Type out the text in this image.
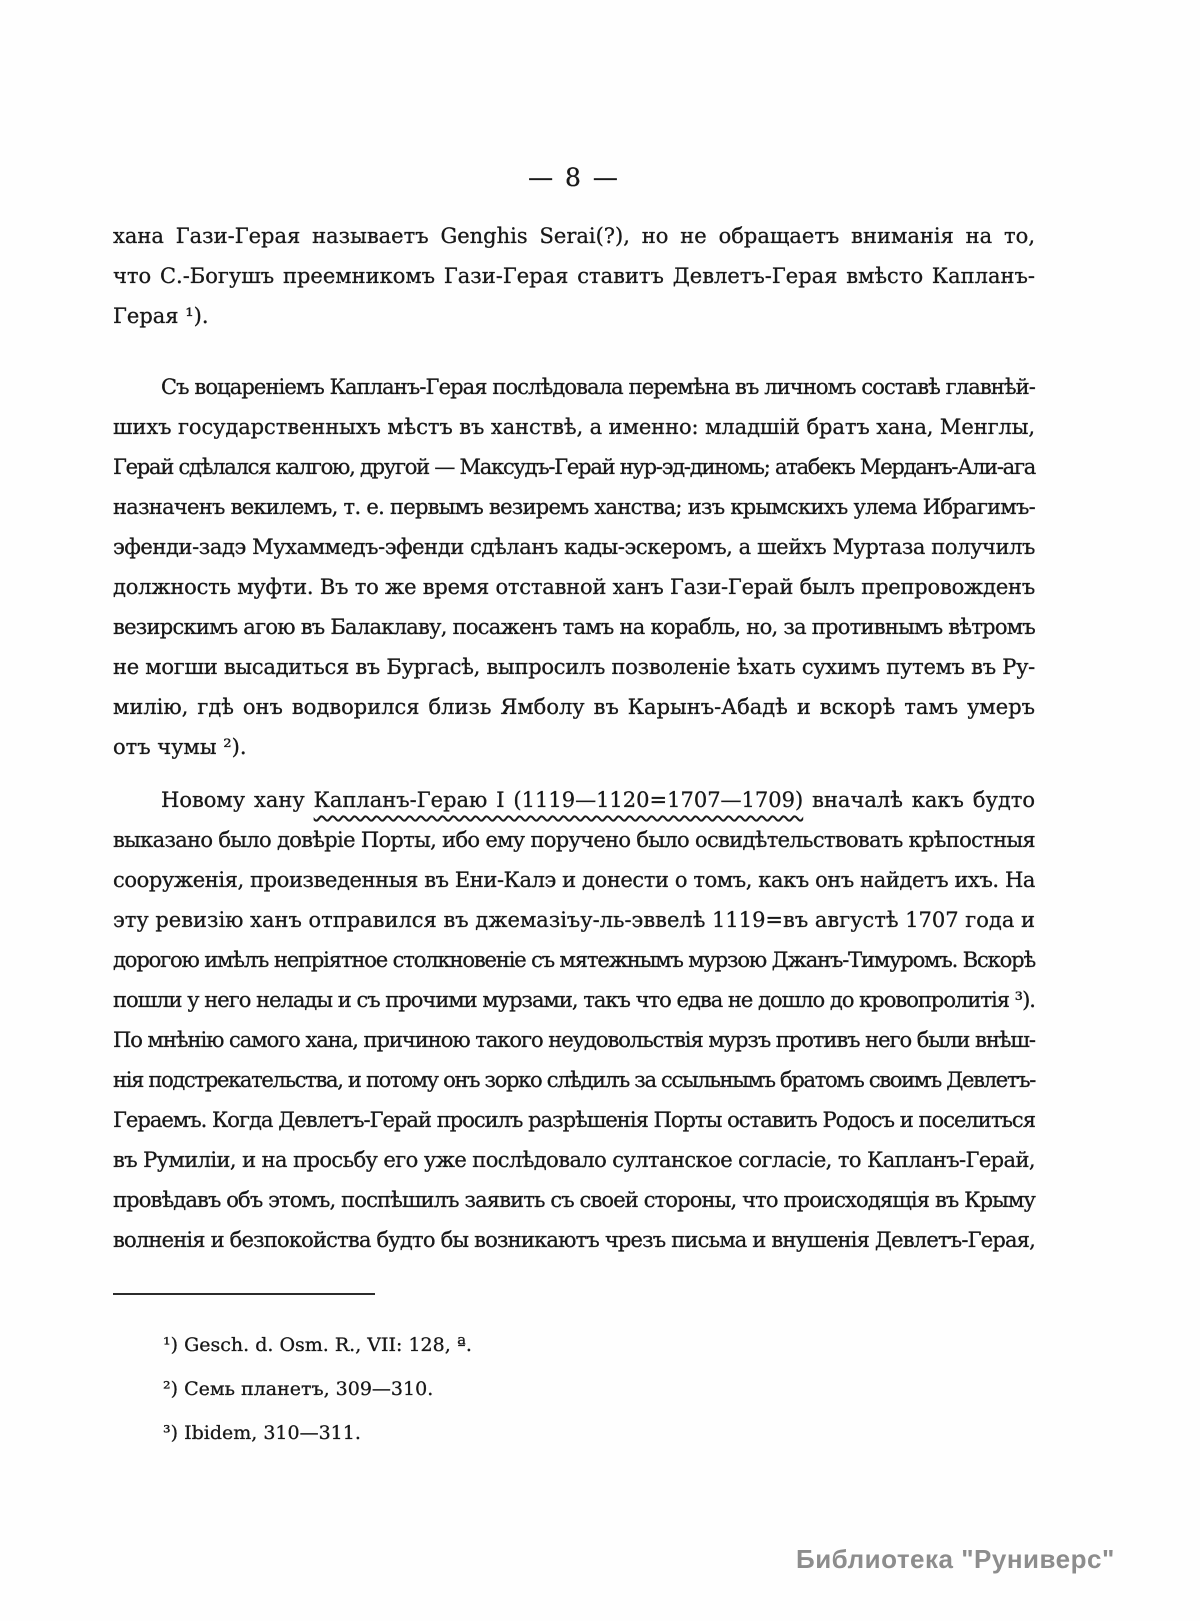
— 8 —
хана Гази-Герая называетъ Genghis Serai(?), но не обращаетъ вниманія на то,
что С.-Богушъ преемникомъ Гази-Герая ставитъ Девлетъ-Герая вмѣсто Капланъ-
Герая ¹).
Съ воцареніемъ Капланъ-Герая послѣдовала перемѣна въ личномъ составѣ главнѣй-
шихъ государственныхъ мѣстъ въ ханствѣ, а именно: младшій братъ хана, Менглы,
Герай сдѣлался калгою, другой — Максудъ-Герай нур-эд-диномь; атабекъ Мерданъ-Али-ага
назначенъ векилемъ, т. е. первымъ везиремъ ханства; изъ крымскихъ улема Ибрагимъ-
эфенди-задэ Мухаммедъ-эфенди сдѣланъ кады-эскеромъ, а шейхъ Муртаза получилъ
должность муфти. Въ то же время отставной ханъ Гази-Герай былъ препровожденъ
везирскимъ агою въ Балаклаву, посаженъ тамъ на корабль, но, за противнымъ вѣтромъ
не могши высадиться въ Бургасѣ, выпросилъ позволеніе ѣхать сухимъ путемъ въ Ру-
милію, гдѣ онъ водворился близь Ямболу въ Карынъ-Абадѣ и вскорѣ тамъ умеръ
отъ чумы ²).
Новому хану Капланъ-Гераю I (1119—1120=1707—1709) вначалѣ какъ будто
выказано было довѣріе Порты, ибо ему поручено было освидѣтельствовать крѣпостныя
сооруженія, произведенныя въ Ени-Калэ и донести о томъ, какъ онъ найдетъ ихъ. На
эту ревизію ханъ отправился въ джемазіъу-ль-эввелѣ 1119=въ августѣ 1707 года и
дорогою имѣлъ непріятное столкновеніе съ мятежнымъ мурзою Джанъ-Тимуромъ. Вскорѣ
пошли у него нелады и съ прочими мурзами, такъ что едва не дошло до кровопролитія ³).
По мнѣнію самого хана, причиною такого неудовольствія мурзъ противъ него были внѣш-
нія подстрекательства, и потому онъ зорко слѣдилъ за ссыльнымъ братомъ своимъ Девлетъ-
Гераемъ. Когда Девлетъ-Герай просилъ разрѣшенія Порты оставить Родосъ и поселиться
въ Румиліи, и на просьбу его уже послѣдовало султанское согласіе, то Капланъ-Герай,
провѣдавъ объ этомъ, поспѣшилъ заявить съ своей стороны, что происходящія въ Крыму
волненія и безпокойства будто бы возникаютъ чрезъ письма и внушенія Девлетъ-Герая,
¹) Gesch. d. Osm. R., VII: 128, ª.
²) Семь планетъ, 309—310.
³) Ibidem, 310—311.
Библиотека "Руниверс"
